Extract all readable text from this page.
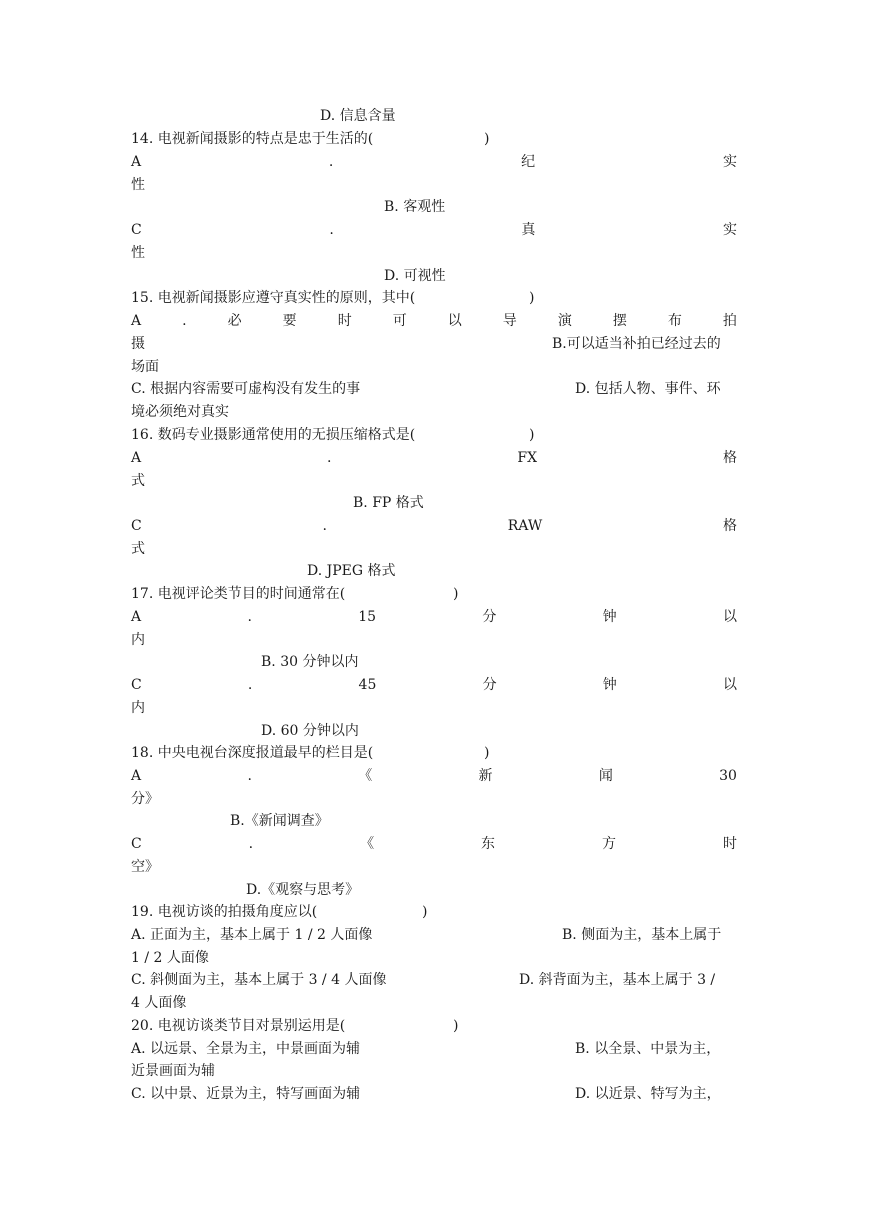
D. 信息含量
14. 电视新闻摄影的特点是忠于生活的(	)
A	.	纪	实
性
B. 客观性
C	.	真	实
性
D. 可视性
15. 电视新闻摄影应遵守真实性的原则，其中(	)
A	.	必	要	时	可	以	导	演	摆	布	拍
摄	B.可以适当补拍已经过去的
场面
C. 根据内容需要可虚构没有发生的事	D. 包括人物、事件、环
境必须绝对真实
16. 数码专业摄影通常使用的无损压缩格式是(	)
A	.	FX	格
式
B. FP 格式
C	.	RAW	格
式
D. JPEG 格式
17. 电视评论类节目的时间通常在(	)
A	.	15	分	钟	以
内
B. 30 分钟以内
C	.	45	分	钟	以
内
D. 60 分钟以内
18. 中央电视台深度报道最早的栏目是(	)
A	.	《	新	闻	30
分》
B.《新闻调查》
C	.	《	东	方	时
空》
D.《观察与思考》
19. 电视访谈的拍摄角度应以(	)
A. 正面为主，基本上属于 1 / 2 人面像	B. 侧面为主，基本上属于
1 / 2 人面像
C. 斜侧面为主，基本上属于 3 / 4 人面像	D. 斜背面为主，基本上属于 3 /
4 人面像
20. 电视访谈类节目对景别运用是(	)
A. 以远景、全景为主，中景画面为辅	B. 以全景、中景为主，
近景画面为辅
C. 以中景、近景为主，特写画面为辅	D. 以近景、特写为主，
